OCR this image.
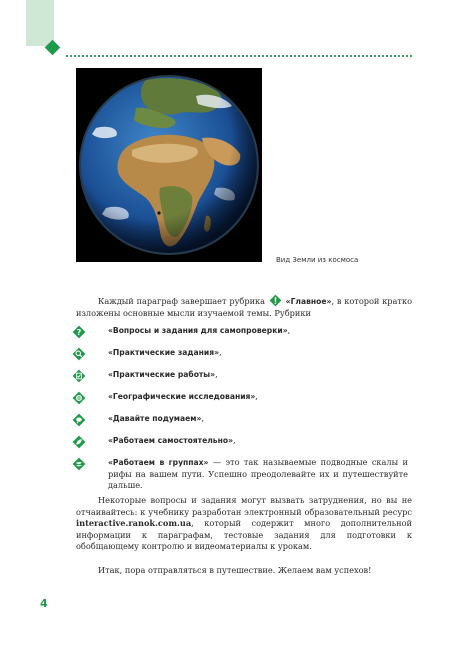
Вид Земли из космоса
Каждый параграф завершает рубрика	«Главное», в которой кратко изложены основные мысли изучаемой темы. Рубрики
?	«Вопросы и задания для самопроверки»,
«Практические задания»,
«Практические работы»,
«Географические исследования»,
«Давайте подумаем»,
«Работаем самостоятельно»,
«Работаем в группах» — это так называемые подводные скалы и рифы на вашем пути. Успешно преодолевайте их и путешествуйте дальше.
Некоторые вопросы и задания могут вызвать затруднения, но вы не отчаивайтесь: к учебнику разработан электронный образовательный ресурс interactive.ranok.com.ua, который содержит много дополнительной информации к параграфам, тестовые задания для подготовки к обобщающему контролю и видеоматериалы к урокам.
Итак, пора отправляться в путешествие. Желаем вам успехов!
4
